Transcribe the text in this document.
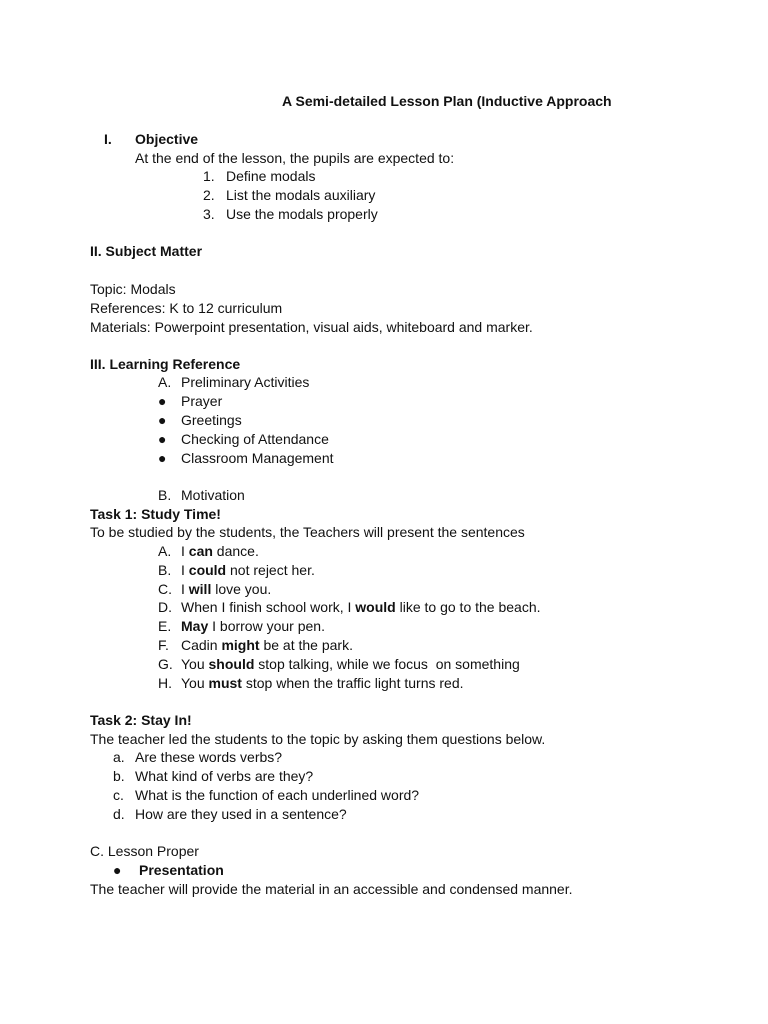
A Semi-detailed Lesson Plan (Inductive Approach
I. Objective
At the end of the lesson, the pupils are expected to:
1. Define modals
2. List the modals auxiliary
3. Use the modals properly
II. Subject Matter
Topic: Modals
References: K to 12 curriculum
Materials: Powerpoint presentation, visual aids, whiteboard and marker.
III. Learning Reference
A. Preliminary Activities
● Prayer
● Greetings
● Checking of Attendance
● Classroom Management
B. Motivation
Task 1: Study Time!
To be studied by the students, the Teachers will present the sentences
A. I can dance.
B. I could not reject her.
C. I will love you.
D. When I finish school work, I would like to go to the beach.
E. May I borrow your pen.
F. Cadin might be at the park.
G. You should stop talking, while we focus  on something
H. You must stop when the traffic light turns red.
Task 2: Stay In!
The teacher led the students to the topic by asking them questions below.
a. Are these words verbs?
b. What kind of verbs are they?
c. What is the function of each underlined word?
d. How are they used in a sentence?
C. Lesson Proper
● Presentation
The teacher will provide the material in an accessible and condensed manner.
